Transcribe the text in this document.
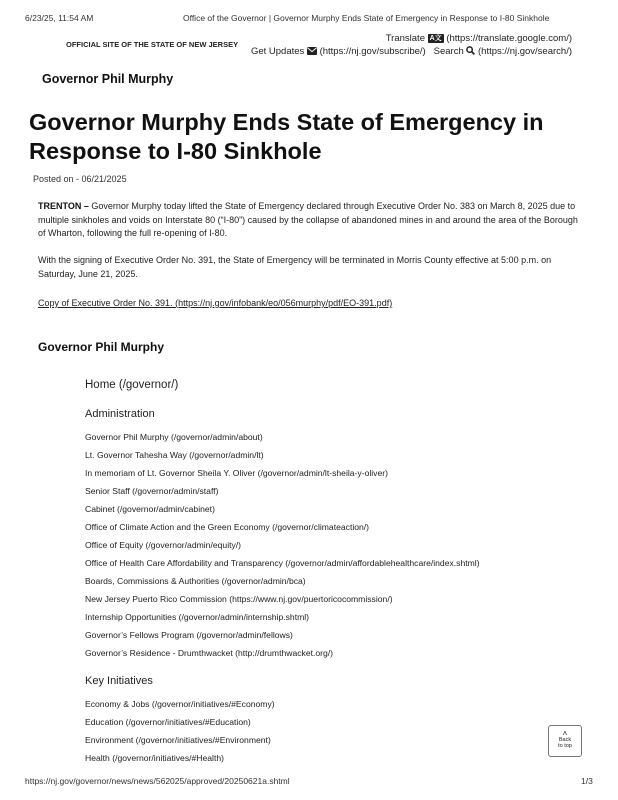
6/23/25, 11:54 AM	Office of the Governor | Governor Murphy Ends State of Emergency in Response to I-80 Sinkhole
OFFICIAL SITE OF THE STATE OF NEW JERSEY
Translate A文 (https://translate.google.com/)
Get Updates (https://nj.gov/subscribe/) Search (https://nj.gov/search/)
Governor Phil Murphy
Governor Murphy Ends State of Emergency in Response to I-80 Sinkhole
Posted on - 06/21/2025

TRENTON – Governor Murphy today lifted the State of Emergency declared through Executive Order No. 383 on March 8, 2025 due to multiple sinkholes and voids on Interstate 80 (“I-80”) caused by the collapse of abandoned mines in and around the area of the Borough of Wharton, following the full re-opening of I-80.

With the signing of Executive Order No. 391, the State of Emergency will be terminated in Morris County effective at 5:00 p.m. on Saturday, June 21, 2025.

Copy of Executive Order No. 391. (https://nj.gov/infobank/eo/056murphy/pdf/EO-391.pdf)
Governor Phil Murphy
Home (/governor/)
Administration
Governor Phil Murphy (/governor/admin/about)
Lt. Governor Tahesha Way (/governor/admin/lt)
In memoriam of Lt. Governor Sheila Y. Oliver (/governor/admin/lt-sheila-y-oliver)
Senior Staff (/governor/admin/staff)
Cabinet (/governor/admin/cabinet)
Office of Climate Action and the Green Economy (/governor/climateaction/)
Office of Equity (/governor/admin/equity/)
Office of Health Care Affordability and Transparency (/governor/admin/affordablehealthcare/index.shtml)
Boards, Commissions & Authorities (/governor/admin/bca)
New Jersey Puerto Rico Commission (https://www.nj.gov/puertoricocommission/)
Internship Opportunities (/governor/admin/internship.shtml)
Governor’s Fellows Program (/governor/admin/fellows)
Governor’s Residence - Drumthwacket (http://drumthwacket.org/)
Key Initiatives
Economy & Jobs (/governor/initiatives/#Economy)
Education (/governor/initiatives/#Education)
Environment (/governor/initiatives/#Environment)
Health (/governor/initiatives/#Health)
˄
Back
to top
https://nj.gov/governor/news/news/562025/approved/20250621a.shtml	1/3
